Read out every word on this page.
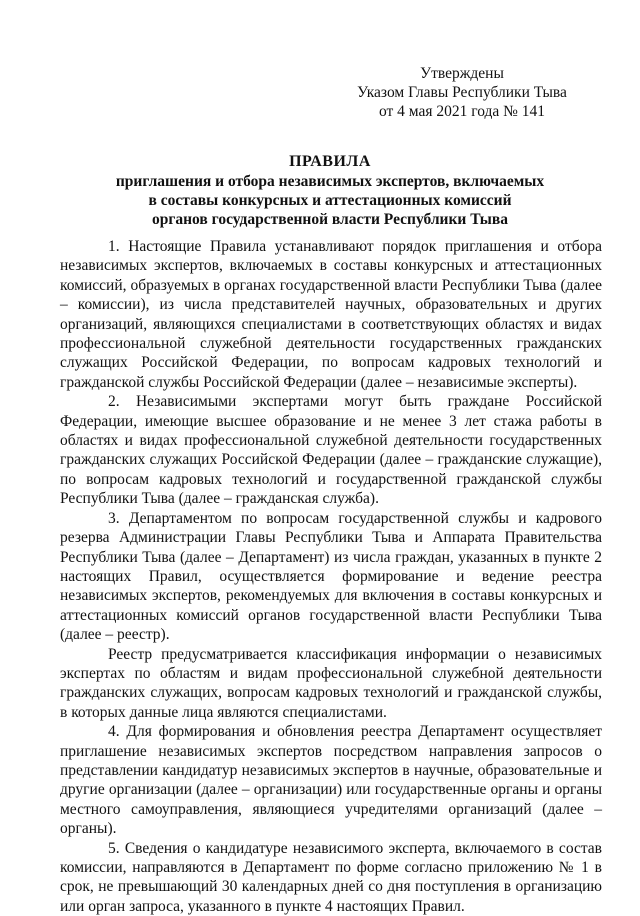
Утверждены
Указом Главы Республики Тыва
от 4 мая 2021 года № 141
ПРАВИЛА
приглашения и отбора независимых экспертов, включаемых
в составы конкурсных и аттестационных комиссий
органов государственной власти Республики Тыва

1. Настоящие Правила устанавливают порядок приглашения и отбора независимых экспертов, включаемых в составы конкурсных и аттестационных комиссий, образуемых в органах государственной власти Республики Тыва (далее – комиссии), из числа представителей научных, образовательных и других организаций, являющихся специалистами в соответствующих областях и видах профессиональной служебной деятельности государственных гражданских служащих Российской Федерации, по вопросам кадровых технологий и гражданской службы Российской Федерации (далее – независимые эксперты).

2. Независимыми экспертами могут быть граждане Российской Федерации, имеющие высшее образование и не менее 3 лет стажа работы в областях и видах профессиональной служебной деятельности государственных гражданских служащих Российской Федерации (далее – гражданские служащие), по вопросам кадровых технологий и государственной гражданской службы Республики Тыва (далее – гражданская служба).

3. Департаментом по вопросам государственной службы и кадрового резерва Администрации Главы Республики Тыва и Аппарата Правительства Республики Тыва (далее – Департамент) из числа граждан, указанных в пункте 2 настоящих Правил, осуществляется формирование и ведение реестра независимых экспертов, рекомендуемых для включения в составы конкурсных и аттестационных комиссий органов государственной власти Республики Тыва (далее – реестр).

Реестр предусматривается классификация информации о независимых экспертах по областям и видам профессиональной служебной деятельности гражданских служащих, вопросам кадровых технологий и гражданской службы, в которых данные лица являются специалистами.

4. Для формирования и обновления реестра Департамент осуществляет приглашение независимых экспертов посредством направления запросов о представлении кандидатур независимых экспертов в научные, образовательные и другие организации (далее – организации) или государственные органы и органы местного самоуправления, являющиеся учредителями организаций (далее – органы).

5. Сведения о кандидатуре независимого эксперта, включаемого в состав комиссии, направляются в Департамент по форме согласно приложению № 1 в срок, не превышающий 30 календарных дней со дня поступления в организацию или орган запроса, указанного в пункте 4 настоящих Правил.
